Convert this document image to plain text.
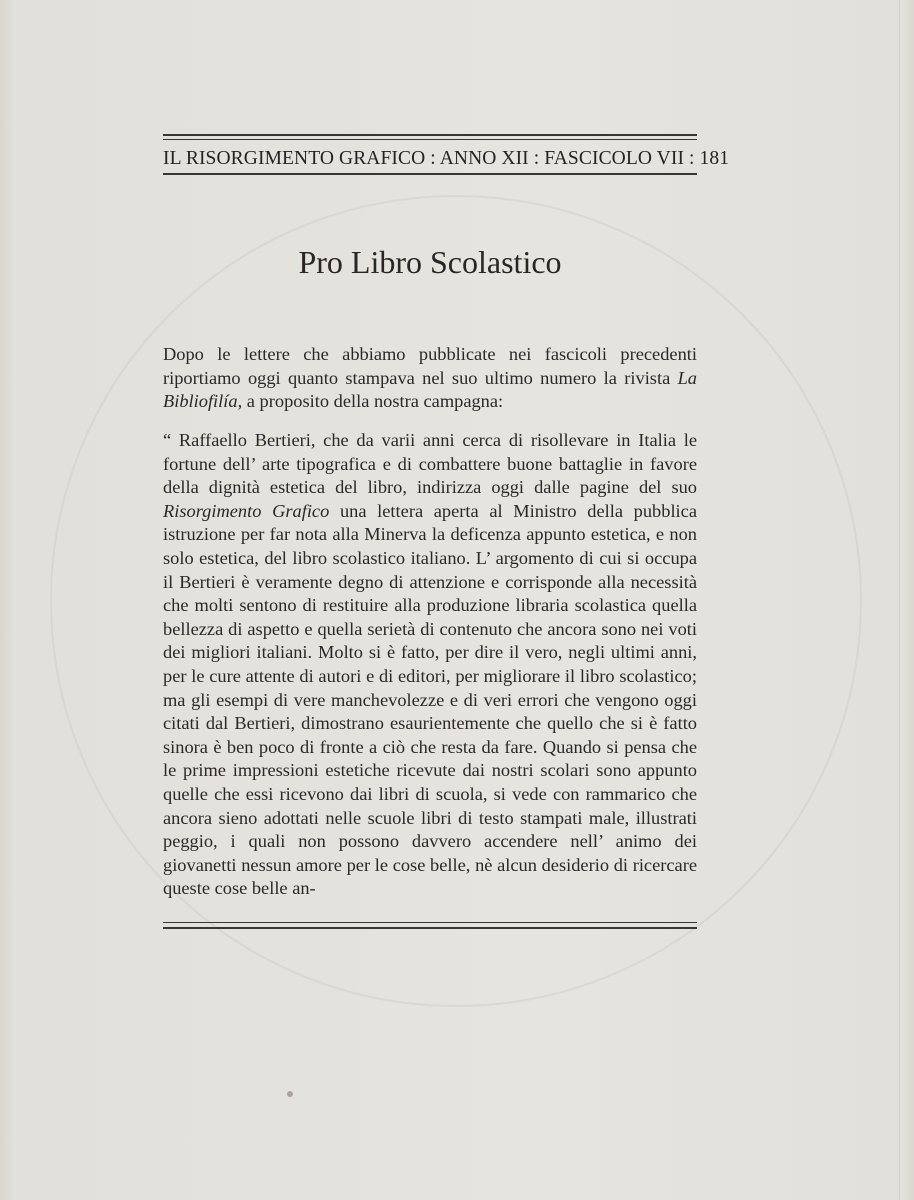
IL RISORGIMENTO GRAFICO : ANNO XII : FASCICOLO VII : 181
Pro Libro Scolastico

Dopo le lettere che abbiamo pubblicate nei fascicoli precedenti riportiamo oggi quanto stampava nel suo ultimo numero la rivista La Bibliofilía, a proposito della nostra campagna:

“ Raffaello Bertieri, che da varii anni cerca di risollevare in Italia le fortune dell’ arte tipografica e di combattere buone battaglie in favore della dignità estetica del libro, indirizza oggi dalle pagine del suo Risorgimento Grafico una lettera aperta al Ministro della pubblica istruzione per far nota alla Minerva la deficenza appunto estetica, e non solo estetica, del libro scolastico italiano. L’ argomento di cui si occupa il Bertieri è veramente degno di attenzione e corrisponde alla necessità che molti sentono di restituire alla produzione libraria scolastica quella bellezza di aspetto e quella serietà di contenuto che ancora sono nei voti dei migliori italiani. Molto si è fatto, per dire il vero, negli ultimi anni, per le cure attente di autori e di editori, per migliorare il libro scolastico; ma gli esempi di vere manchevolezze e di veri errori che vengono oggi citati dal Bertieri, dimostrano esaurientemente che quello che si è fatto sinora è ben poco di fronte a ciò che resta da fare. Quando si pensa che le prime impressioni estetiche ricevute dai nostri scolari sono appunto quelle che essi ricevono dai libri di scuola, si vede con rammarico che ancora sieno adottati nelle scuole libri di testo stampati male, illustrati peggio, i quali non possono davvero accendere nell’ animo dei giovanetti nessun amore per le cose belle, nè alcun desiderio di ricercare queste cose belle an-
